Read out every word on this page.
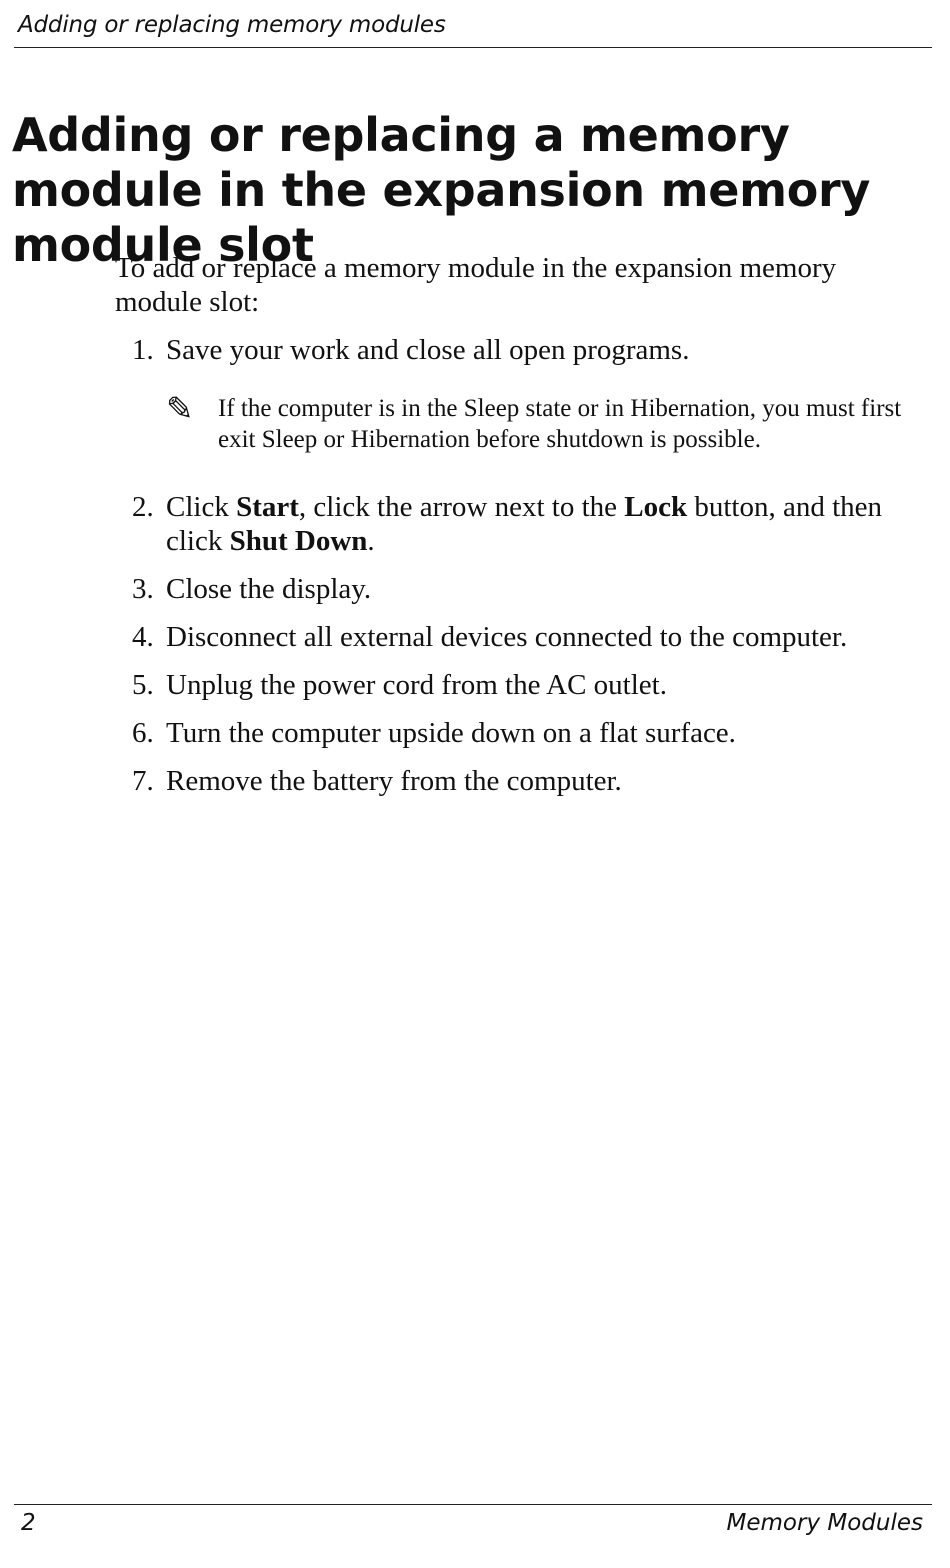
Adding or replacing memory modules
Adding or replacing a memory module in the expansion memory module slot

To add or replace a memory module in the expansion memory module slot:

1. Save your work and close all open programs.
✎ If the computer is in the Sleep state or in Hibernation, you must first exit Sleep or Hibernation before shutdown is possible.
2. Click Start, click the arrow next to the Lock button, and then click Shut Down.
3. Close the display.
4. Disconnect all external devices connected to the computer.
5. Unplug the power cord from the AC outlet.
6. Turn the computer upside down on a flat surface.
7. Remove the battery from the computer.
2	Memory Modules
